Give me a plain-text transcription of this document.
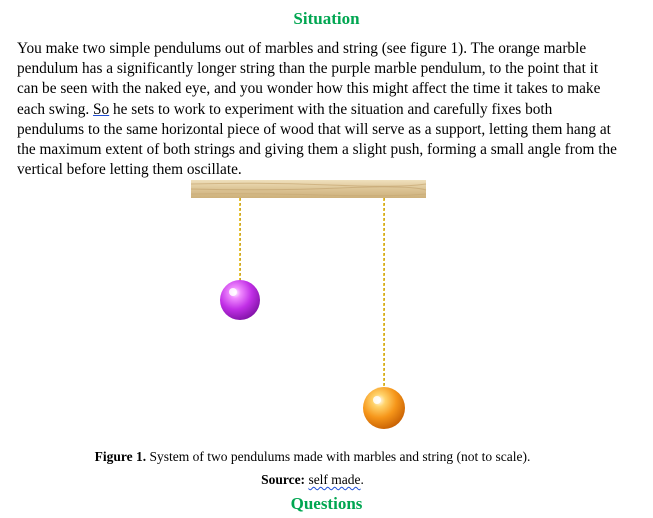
Situation

You make two simple pendulums out of marbles and string (see figure 1). The orange marble pendulum has a significantly longer string than the purple marble pendulum, to the point that it can be seen with the naked eye, and you wonder how this might affect the time it takes to make each swing. So he sets to work to experiment with the situation and carefully fixes both pendulums to the same horizontal piece of wood that will serve as a support, letting them hang at the maximum extent of both strings and giving them a slight push, forming a small angle from the vertical before letting them oscillate.

Figure 1. System of two pendulums made with marbles and string (not to scale).

Source: self made.

Questions
